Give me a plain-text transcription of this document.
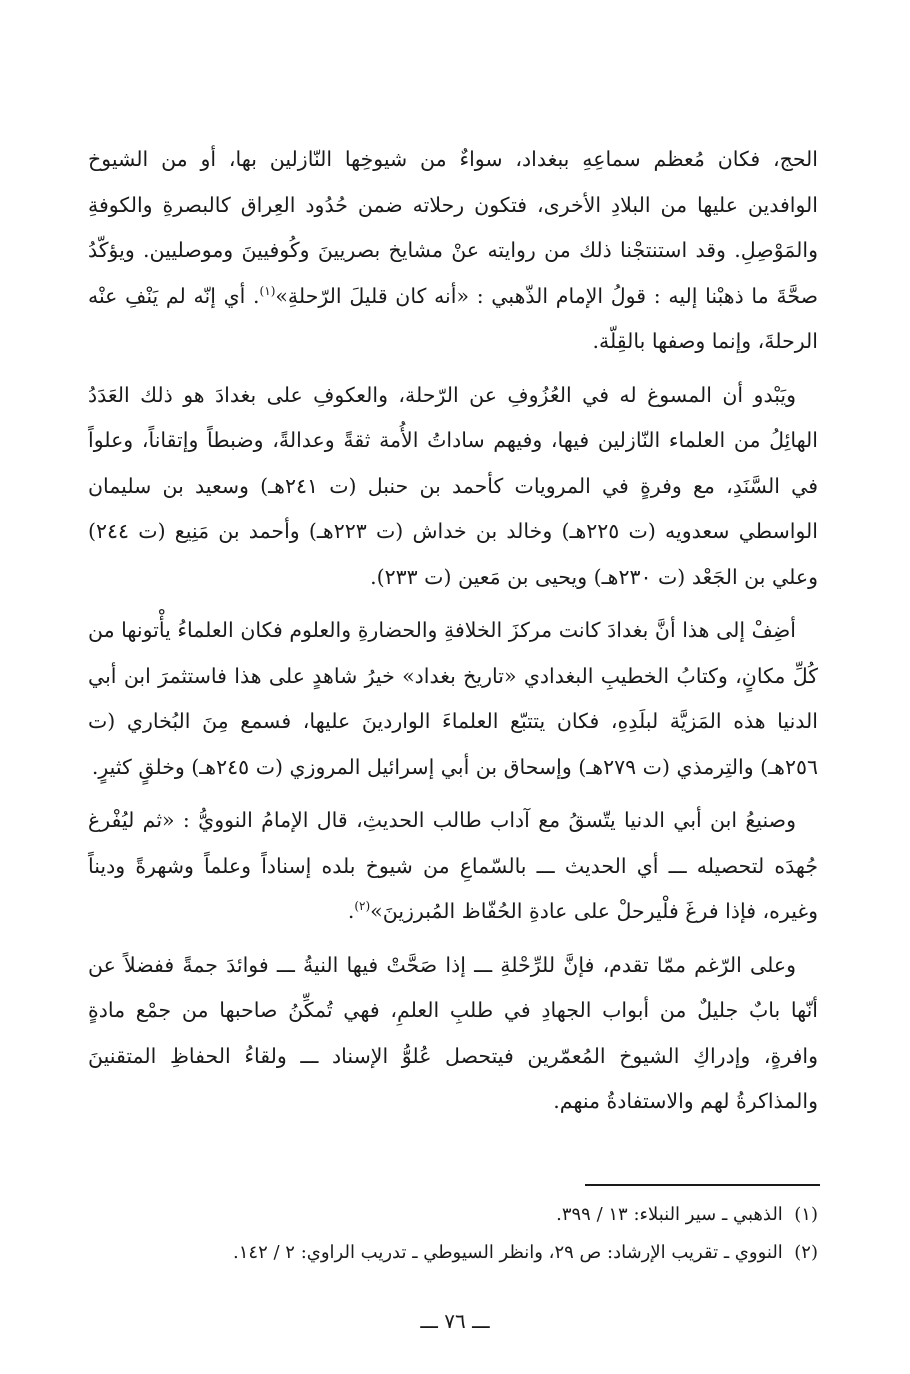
الحج، فكان مُعظم سماعِهِ ببغداد، سواءٌ من شيوخِها النّازلين بها، أو من الشيوخ الوافدين عليها من البلادِ الأخرى، فتكون رحلاته ضمن حُدُود العِراق كالبصرةِ والكوفةِ والمَوْصِلِ. وقد استنتجْنا ذلك من روايته عنْ مشايخ بصريينَ وكُوفيينَ وموصليين. ويؤكّدُ صحَّةَ ما ذهبْنا إليه : قولُ الإمام الذّهبي : «أنه كان قليلَ الرّحلةِ»$^{(١)}$. أي إنّه لم يَنْفِ عنْه الرحلةَ، وإنما وصفها بالقِلّة.

ويَبْدو أن المسوغ له في العُزُوفِ عن الرّحلة، والعكوفِ على بغدادَ هو ذلك العَدَدُ الهائِلُ من العلماء النّازلين فيها، وفيهم ساداتُ الأُمة ثقةً وعدالةً، وضبطاً وإتقاناً، وعلواً في السَّنَدِ، مع وفرةٍ في المرويات كأحمد بن حنبل (ت ٢٤١هـ) وسعيد بن سليمان الواسطي سعدويه (ت ٢٢٥هـ) وخالد بن خداش (ت ٢٢٣هـ) وأحمد بن مَنِيع (ت ٢٤٤) وعلي بن الجَعْد (ت ٢٣٠هـ) ويحيى بن مَعين (ت ٢٣٣).

أضِفْ إلى هذا أنَّ بغدادَ كانت مركزَ الخلافةِ والحضارةِ والعلوم فكان العلماءُ يأْتونها من كُلِّ مكانٍ، وكتابُ الخطيبِ البغدادي «تاريخ بغداد» خيرُ شاهدٍ على هذا فاستثمرَ ابن أبي الدنيا هذه المَزيَّة لبلَدِهِ، فكان يتتبّع العلماءَ الواردينَ عليها، فسمع مِنَ البُخاري (ت ٢٥٦هـ) والتِرمذي (ت ٢٧٩هـ) وإسحاق بن أبي إسرائيل المروزي (ت ٢٤٥هـ) وخلقٍ كثيرٍ.

وصنيعُ ابن أبي الدنيا يتّسقُ مع آداب طالب الحديثِ، قال الإمامُ النوويُّ : «ثم ليُفْرغ جُهدَه لتحصيله ـــ أي الحديث ـــ بالسّماعِ من شيوخ بلده إسناداً وعلماً وشهرةً وديناً وغيره، فإذا فرغَ فلْيرحلْ على عادةِ الحُفّاظ المُبرزينَ»$^{(٢)}$.

وعلى الرّغم ممّا تقدم، فإنَّ للرِّحْلةِ ـــ إذا صَحَّتْ فيها النيةُ ـــ فوائدَ جمةً ففضلاً عن أنّها بابٌ جليلٌ من أبواب الجهادِ في طلبِ العلمِ، فهي تُمكِّنُ صاحبها من جمْع مادةٍ وافرةٍ، وإدراكِ الشيوخ المُعمّرين فيتحصل عُلوُّ الإسناد ـــ ولقاءُ الحفاظِ المتقنينَ والمذاكرةُ لهم والاستفادةُ منهم.

(١)  الذهبي ـ سير النبلاء: ١٣ / ٣٩٩.

(٢)  النووي ـ تقريب الإرشاد: ص ٢٩، وانظر السيوطي ـ تدريب الراوي: ٢ / ١٤٢.

ـــ ٧٦ ـــ
